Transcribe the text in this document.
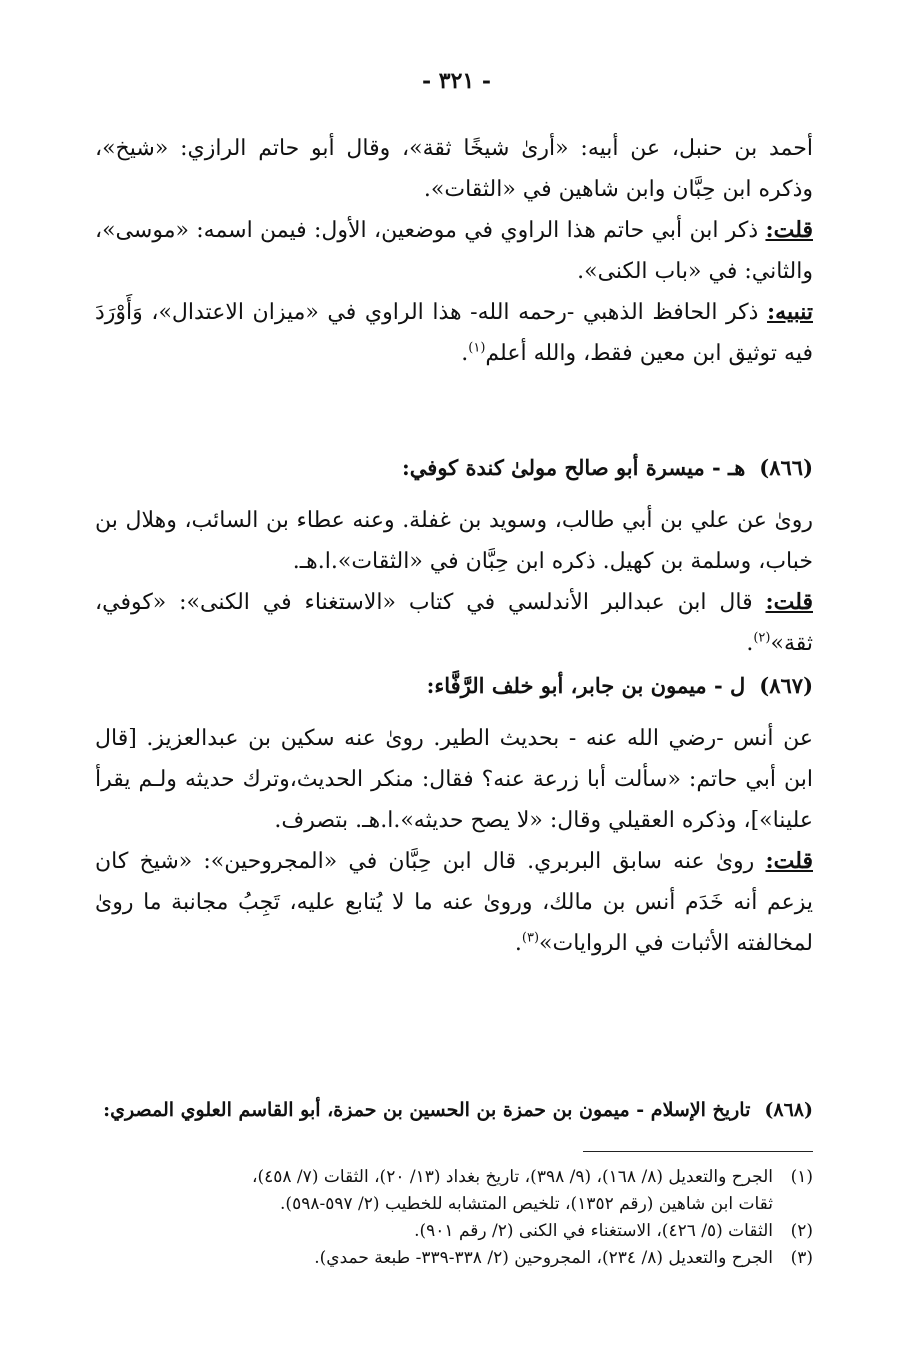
- ٣٢١ -

أحمد بن حنبل، عن أبيه: «أرىٰ شيخًا ثقة»، وقال أبو حاتم الرازي: «شيخ»، وذكره ابن حِبَّان وابن شاهين في «الثقات».

قلت: ذكر ابن أبي حاتم هذا الراوي في موضعين، الأول: فيمن اسمه: «موسى»، والثاني: في «باب الكنى».

تنبيه: ذكر الحافظ الذهبي -رحمه الله- هذا الراوي في «ميزان الاعتدال»، وَأَوْرَدَ فيه توثيق ابن معين فقط، والله أعلم$^{(١)}$.

(٨٦٦)هـ - ميسرة أبو صالح مولىٰ كندة كوفي:

روىٰ عن علي بن أبي طالب، وسويد بن غفلة. وعنه عطاء بن السائب، وهلال بن خباب، وسلمة بن كهيل. ذكره ابن حِبَّان في «الثقات».ا.هـ.

قلت: قال ابن عبدالبر الأندلسي في كتاب «الاستغناء في الكنى»: «كوفي، ثقة»$^{(٢)}$.

(٨٦٧)ل - ميمون بن جابر، أبو خلف الرَّفَّاء:

عن أنس -رضي الله عنه - بحديث الطير. روىٰ عنه سكين بن عبدالعزيز. [قال ابن أبي حاتم: «سألت أبا زرعة عنه؟ فقال: منكر الحديث،وترك حديثه ولـم يقرأ علينا»]، وذكره العقيلي وقال: «لا يصح حديثه».ا.هـ. بتصرف.

قلت: روىٰ عنه سابق البربري. قال ابن حِبَّان في «المجروحين»: «شيخ كان يزعم أنه خَدَم أنس بن مالك، وروىٰ عنه ما لا يُتابع عليه، تَجِبُ مجانبة ما روىٰ لمخالفته الأثبات في الروايات»$^{(٣)}$.

(٨٦٨)تاريخ الإسلام - ميمون بن حمزة بن الحسين بن حمزة، أبو القاسم العلوي المصري:

(١)الجرح والتعديل (٨/ ١٦٨)، (٩/ ٣٩٨)، تاريخ بغداد (١٣/ ٢٠)، الثقات (٧/ ٤٥٨)،

ثقات ابن شاهين (رقم ١٣٥٢)، تلخيص المتشابه للخطيب (٢/ ٥٩٧-٥٩٨).

(٢)الثقات (٥/ ٤٢٦)، الاستغناء في الكنى (٢/ رقم ٩٠١).

(٣)الجرح والتعديل (٨/ ٢٣٤)، المجروحين (٢/ ٣٣٨-٣٣٩- طبعة حمدي).
